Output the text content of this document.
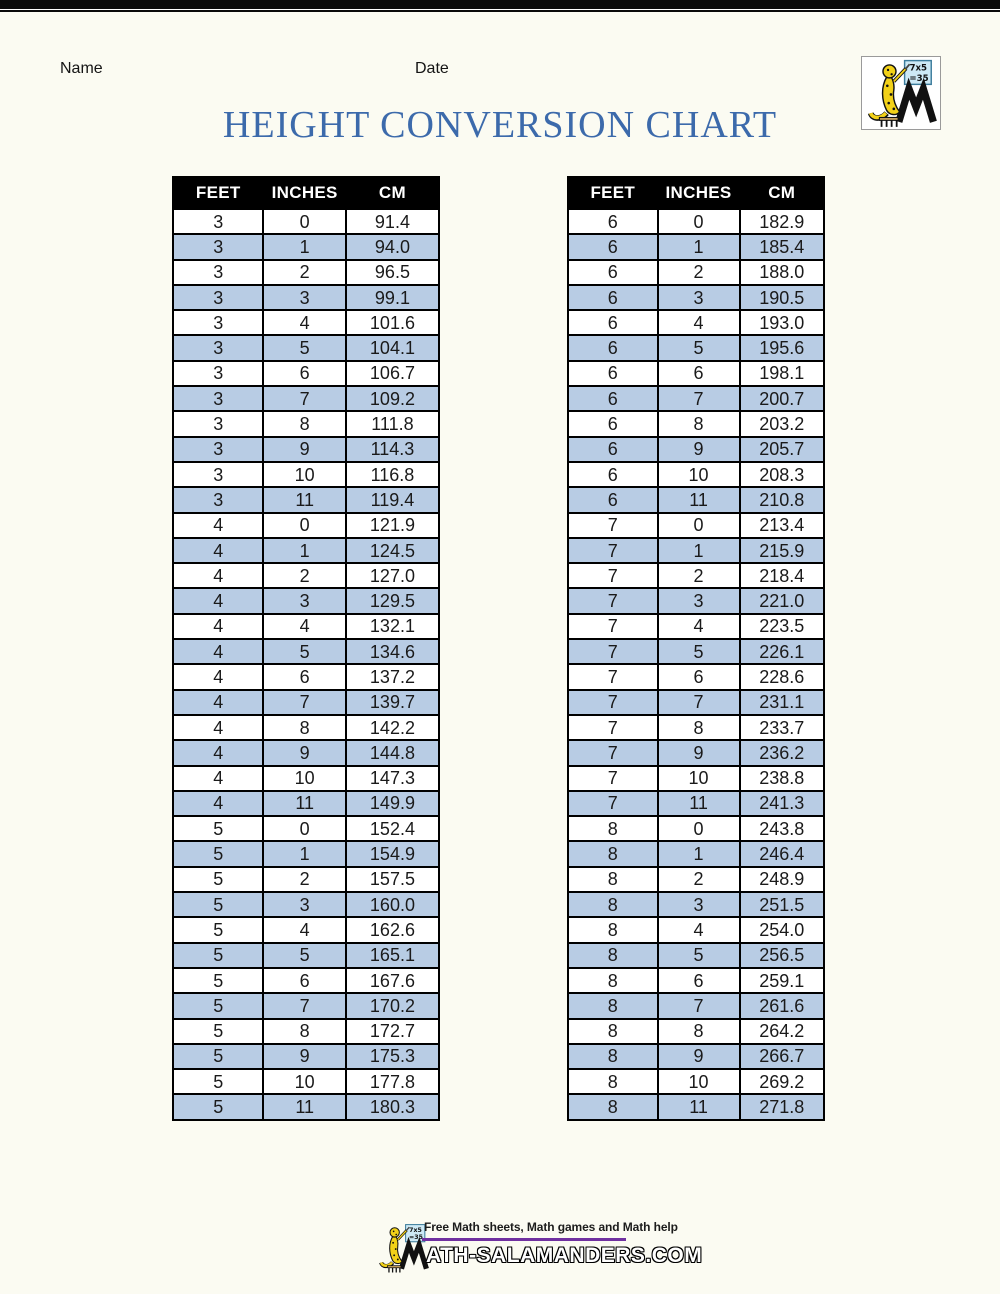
Name	Date
HEIGHT CONVERSION CHART
FEET	INCHES	CM
3	0	91.4
3	1	94.0
3	2	96.5
3	3	99.1
3	4	101.6
3	5	104.1
3	6	106.7
3	7	109.2
3	8	111.8
3	9	114.3
3	10	116.8
3	11	119.4
4	0	121.9
4	1	124.5
4	2	127.0
4	3	129.5
4	4	132.1
4	5	134.6
4	6	137.2
4	7	139.7
4	8	142.2
4	9	144.8
4	10	147.3
4	11	149.9
5	0	152.4
5	1	154.9
5	2	157.5
5	3	160.0
5	4	162.6
5	5	165.1
5	6	167.6
5	7	170.2
5	8	172.7
5	9	175.3
5	10	177.8
5	11	180.3
FEET	INCHES	CM
6	0	182.9
6	1	185.4
6	2	188.0
6	3	190.5
6	4	193.0
6	5	195.6
6	6	198.1
6	7	200.7
6	8	203.2
6	9	205.7
6	10	208.3
6	11	210.8
7	0	213.4
7	1	215.9
7	2	218.4
7	3	221.0
7	4	223.5
7	5	226.1
7	6	228.6
7	7	231.1
7	8	233.7
7	9	236.2
7	10	238.8
7	11	241.3
8	0	243.8
8	1	246.4
8	2	248.9
8	3	251.5
8	4	254.0
8	5	256.5
8	6	259.1
8	7	261.6
8	8	264.2
8	9	266.7
8	10	269.2
8	11	271.8
Free Math sheets, Math games and Math help
ATH-SALAMANDERS.COM
